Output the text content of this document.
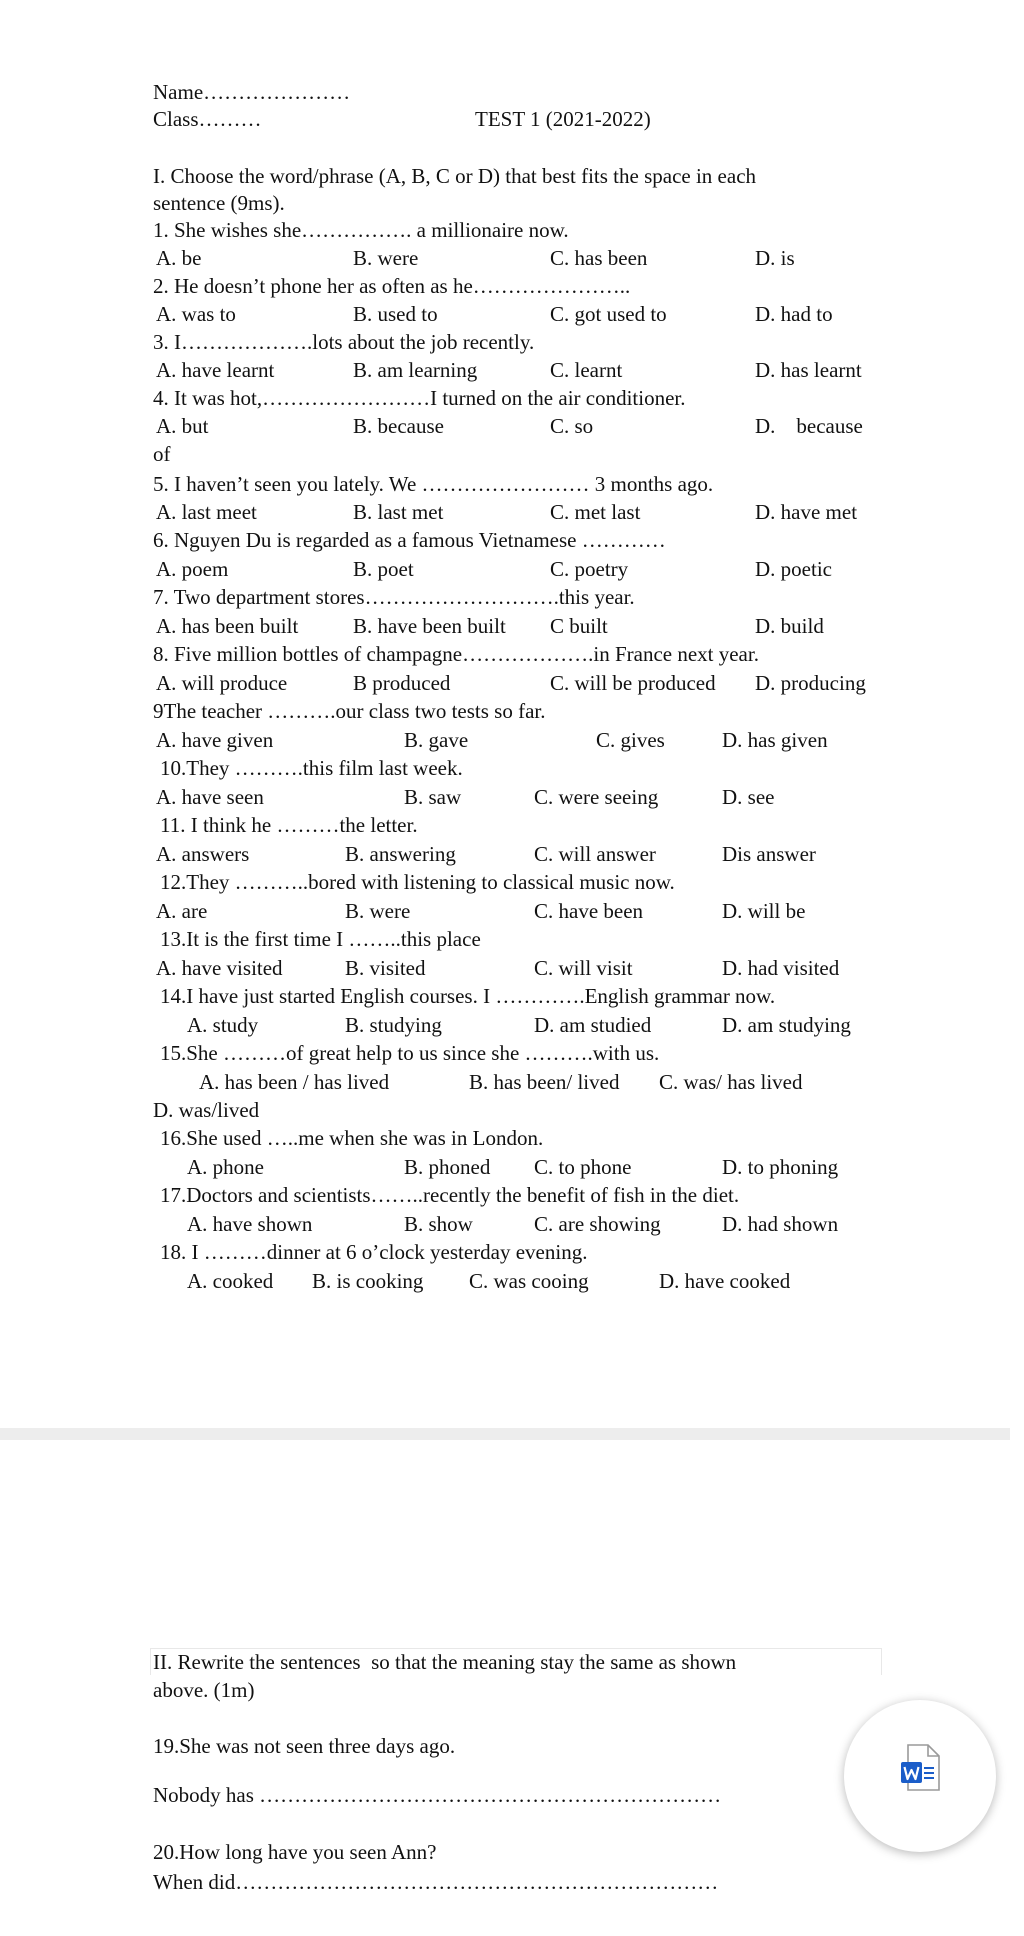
Name…………………
Class………	TEST 1 (2021-2022)
I. Choose the word/phrase (A, B, C or D) that best fits the space in each
sentence (9ms).
1. She wishes she……………. a millionaire now.
A. be	B. were	C. has been	D. is
2. He doesn’t phone her as often as he…………………..
A. was to	B. used to	C. got used to	D. had to
3. I……………….lots about the job recently.
A. have learnt	B. am learning	C. learnt	D. has learnt
4. It was hot,……………………I turned on the air conditioner.
A. but	B. because	C. so	D.    because
of
5. I haven’t seen you lately. We …………………… 3 months ago.
A. last meet	B. last met	C. met last	D. have met
6. Nguyen Du is regarded as a famous Vietnamese …………
A. poem	B. poet	C. poetry	D. poetic
7. Two department stores……………………….this year.
A. has been built	B. have been built C built	D. build
8. Five million bottles of champagne……………….in France next year.
A. will produce	B produced	C. will be produced D. producing
9The teacher ……….our class two tests so far.
A. have given	B. gave	C. gives	D. has given
10.They ……….this film last week.
A. have seen	B. saw	C. were seeing	D. see
11. I think he ………the letter.
A. answers	B. answering	C. will answer	Dis answer
12.They ………..bored with listening to classical music now.
A. are	B. were	C. have been	D. will be
13.It is the first time I ……..this place
A. have visited	B. visited	C. will visit	D. had visited
14.I have just started English courses. I ………….English grammar now.
A. study	B. studying	D. am studied	D. am studying
15.She ………of great help to us since she ……….with us.
A. has been / has lived	B. has been/ lived C. was/ has lived
D. was/lived
16.She used …..me when she was in London.
A. phone	B. phoned C. to phone	D. to phoning
17.Doctors and scientists……..recently the benefit of fish in the diet.
A. have shown	B. show	C. are showing	D. had shown
18. I ………dinner at 6 o’clock yesterday evening.
A. cooked B. is cooking C. was cooing	D. have cooked
II. Rewrite the sentences  so that the meaning stay the same as shown
above. (1m)
19.She was not seen three days ago.
Nobody has …………………………………………………………
20.How long have you seen Ann?
When did……………………………………………………………
